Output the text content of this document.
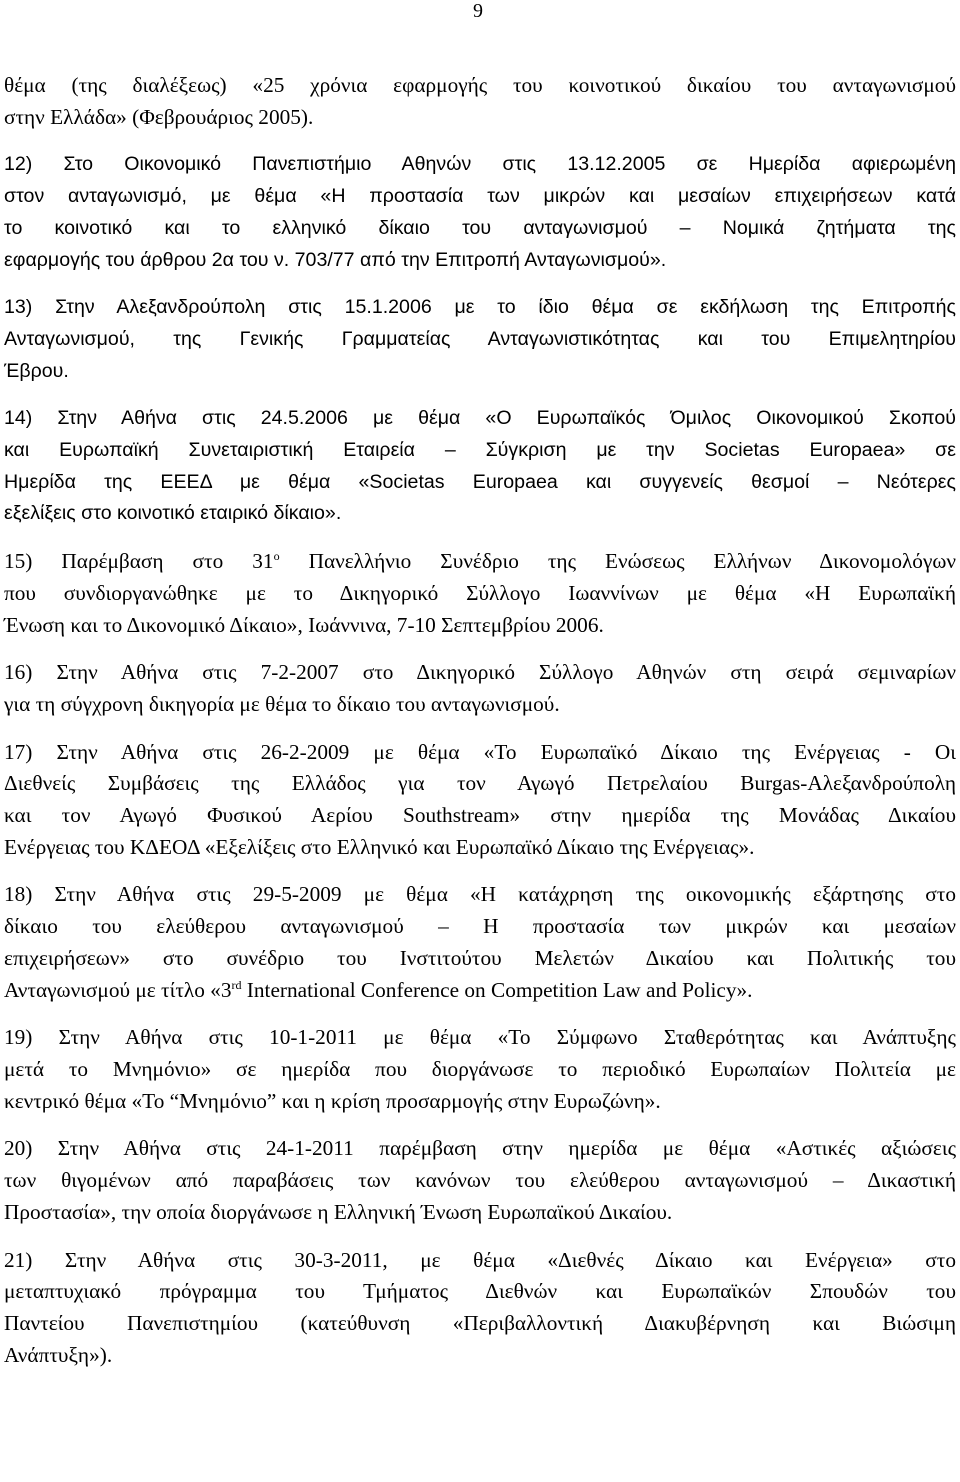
9
θέμα (της διαλέξεως) «25 χρόνια εφαρμογής του κοινοτικού δικαίου του ανταγωνισμού
στην Ελλάδα» (Φεβρουάριος 2005).
12) Στο Οικονομικό Πανεπιστήμιο Αθηνών στις 13.12.2005 σε Ημερίδα αφιερωμένη
στον ανταγωνισμό, με θέμα «Η προστασία των μικρών και μεσαίων επιχειρήσεων κατά
το κοινοτικό και το ελληνικό δίκαιο του ανταγωνισμού – Νομικά ζητήματα της
εφαρμογής του άρθρου 2α του ν. 703/77 από την Επιτροπή Ανταγωνισμού».
13) Στην Αλεξανδρούπολη στις 15.1.2006 με το ίδιο θέμα σε εκδήλωση της Επιτροπής
Ανταγωνισμού, της Γενικής Γραμματείας Ανταγωνιστικότητας και του Επιμελητηρίου
Έβρου.
14) Στην Αθήνα στις 24.5.2006 με θέμα «Ο Ευρωπαϊκός Όμιλος Οικονομικού Σκοπού
και Ευρωπαϊκή Συνεταιριστική Εταιρεία – Σύγκριση με την Societas Europaea» σε
Ημερίδα της ΕΕΕΔ με θέμα «Societas Europaea και συγγενείς θεσμοί – Νεότερες
εξελίξεις στο κοινοτικό εταιρικό δίκαιο».
15) Παρέμβαση στο $31^o$ Πανελλήνιο Συνέδριο της Ενώσεως Ελλήνων Δικονομολόγων
που συνδιοργανώθηκε με το Δικηγορικό Σύλλογο Ιωαννίνων με θέμα «Η Ευρωπαϊκή
Ένωση και το Δικονομικό Δίκαιο», Ιωάννινα, 7-10 Σεπτεμβρίου 2006.
16) Στην Αθήνα στις 7-2-2007 στο Δικηγορικό Σύλλογο Αθηνών στη σειρά σεμιναρίων
για τη σύγχρονη δικηγορία με θέμα το δίκαιο του ανταγωνισμού.
17) Στην Αθήνα στις 26-2-2009 με θέμα «Το Ευρωπαϊκό Δίκαιο της Ενέργειας - Οι
Διεθνείς Συμβάσεις της Ελλάδος για τον Αγωγό Πετρελαίου Burgas-Αλεξανδρούπολη
και τον Αγωγό Φυσικού Αερίου Southstream» στην ημερίδα της Μονάδας Δικαίου
Ενέργειας του ΚΔΕΟΔ «Εξελίξεις στο Ελληνικό και Ευρωπαϊκό Δίκαιο της Ενέργειας».
18) Στην Αθήνα στις 29-5-2009 με θέμα «Η κατάχρηση της οικονομικής εξάρτησης στο
δίκαιο του ελεύθερου ανταγωνισμού – Η προστασία των μικρών και μεσαίων
επιχειρήσεων» στο συνέδριο του Ινστιτούτου Μελετών Δικαίου και Πολιτικής του
Ανταγωνισμού με τίτλο «3rd International Conference on Competition Law and Policy».
19) Στην Αθήνα στις 10-1-2011 με θέμα «Το Σύμφωνο Σταθερότητας και Ανάπτυξης
μετά το Μνημόνιο» σε ημερίδα που διοργάνωσε το περιοδικό Ευρωπαίων Πολιτεία με
κεντρικό θέμα «Το “Μνημόνιο” και η κρίση προσαρμογής στην Ευρωζώνη».
20) Στην Αθήνα στις 24-1-2011 παρέμβαση στην ημερίδα με θέμα «Αστικές αξιώσεις
των θιγομένων από παραβάσεις των κανόνων του ελεύθερου ανταγωνισμού – Δικαστική
Προστασία», την οποία διοργάνωσε η Ελληνική Ένωση Ευρωπαϊκού Δικαίου.
21) Στην Αθήνα στις 30-3-2011, με θέμα «Διεθνές Δίκαιο και Ενέργεια» στο
μεταπτυχιακό πρόγραμμα του Τμήματος Διεθνών και Ευρωπαϊκών Σπουδών του
Παντείου Πανεπιστημίου (κατεύθυνση «Περιβαλλοντική Διακυβέρνηση και Βιώσιμη
Ανάπτυξη»).
